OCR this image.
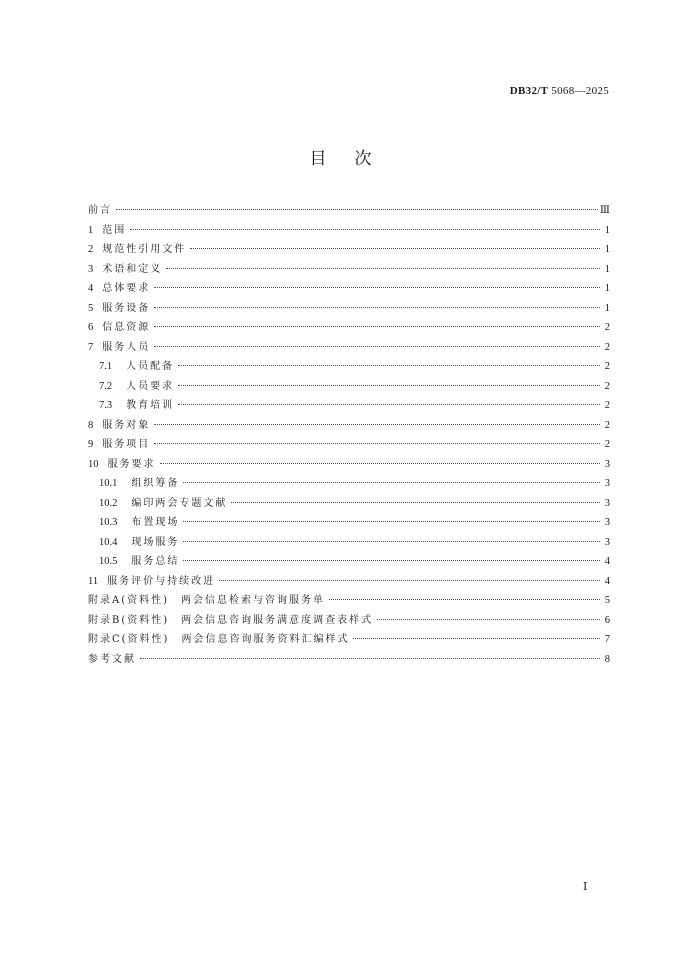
DB32/T 5068—2025
目次
前言	Ⅲ
1 范围	1
2 规范性引用文件	1
3 术语和定义	1
4 总体要求	1
5 服务设备	1
6 信息资源	2
7 服务人员	2
7.1 人员配备	2
7.2 人员要求	2
7.3 教育培训	2
8 服务对象	2
9 服务项目	2
10 服务要求	3
10.1 组织筹备	3
10.2 编印两会专题文献	3
10.3 布置现场	3
10.4 现场服务	3
10.5 服务总结	4
11 服务评价与持续改进	4
附录A(资料性)　两会信息检索与咨询服务单	5
附录B(资料性)　两会信息咨询服务满意度调查表样式	6
附录C(资料性)　两会信息咨询服务资料汇编样式	7
参考文献	8
Ⅰ
